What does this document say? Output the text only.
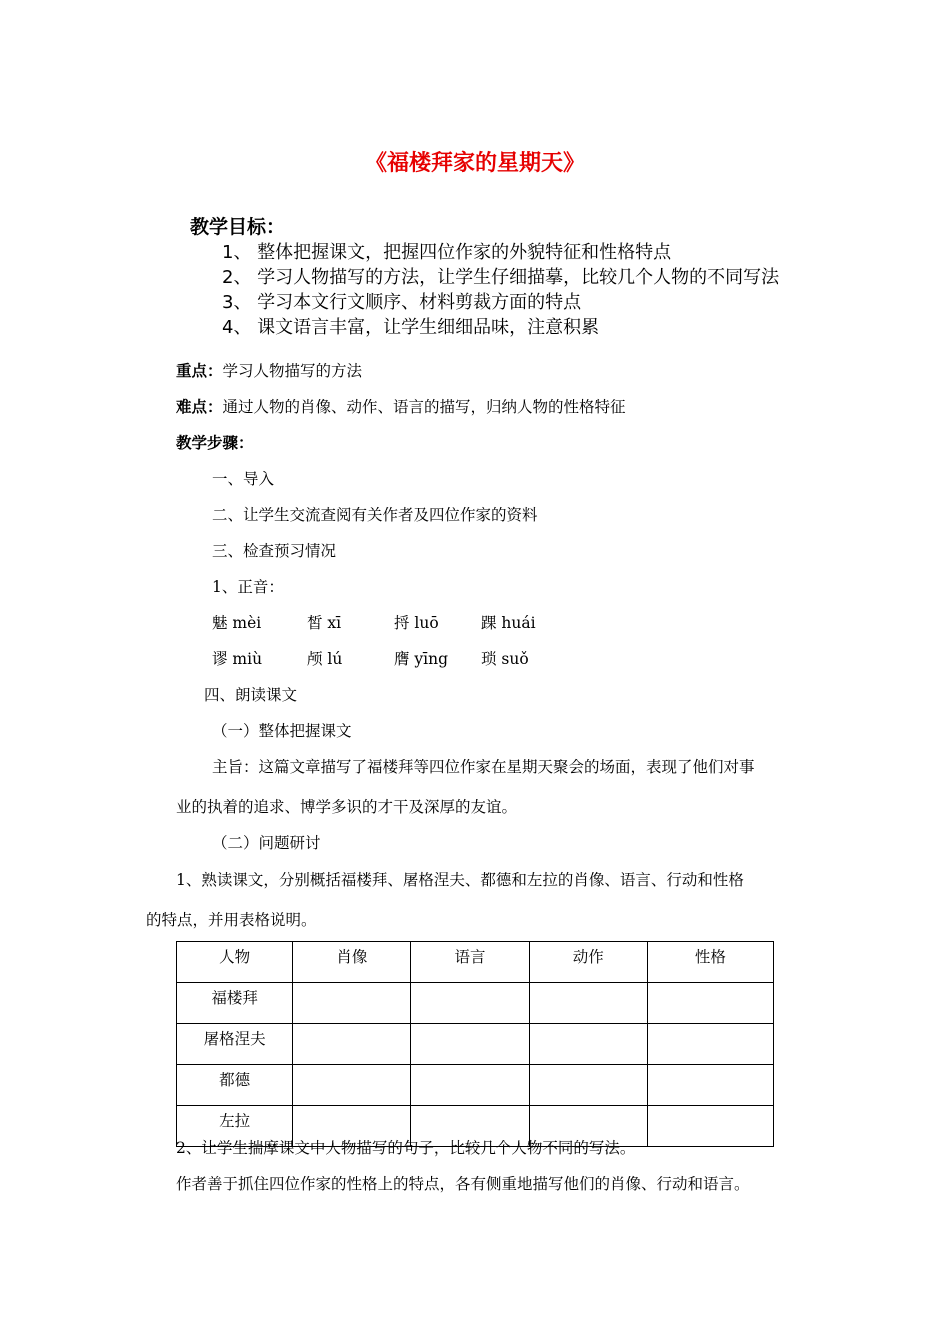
《福楼拜家的星期天》
教学目标：
1、 整体把握课文，把握四位作家的外貌特征和性格特点
2、 学习人物描写的方法，让学生仔细描摹，比较几个人物的不同写法
3、 学习本文行文顺序、材料剪裁方面的特点
4、 课文语言丰富，让学生细细品味，注意积累
重点：学习人物描写的方法
难点：通过人物的肖像、动作、语言的描写，归纳人物的性格特征
教学步骤：
一、导入
二、让学生交流查阅有关作者及四位作家的资料
三、检查预习情况
1、正音：
魅 mèi	皙 xī	捋 luō	踝 huái
谬 miù	颅 lú	膺 yīng 琐 suǒ
四、朗读课文
（一）整体把握课文
主旨：这篇文章描写了福楼拜等四位作家在星期天聚会的场面，表现了他们对事
业的执着的追求、博学多识的才干及深厚的友谊。
（二）问题研讨
1、熟读课文，分别概括福楼拜、屠格涅夫、都德和左拉的肖像、语言、行动和性格
的特点，并用表格说明。
人物	肖像	语言	动作	性格
福楼拜				
屠格涅夫				
都德				
左拉				
2、让学生揣摩课文中人物描写的句子，比较几个人物不同的写法。
作者善于抓住四位作家的性格上的特点，各有侧重地描写他们的肖像、行动和语言。
